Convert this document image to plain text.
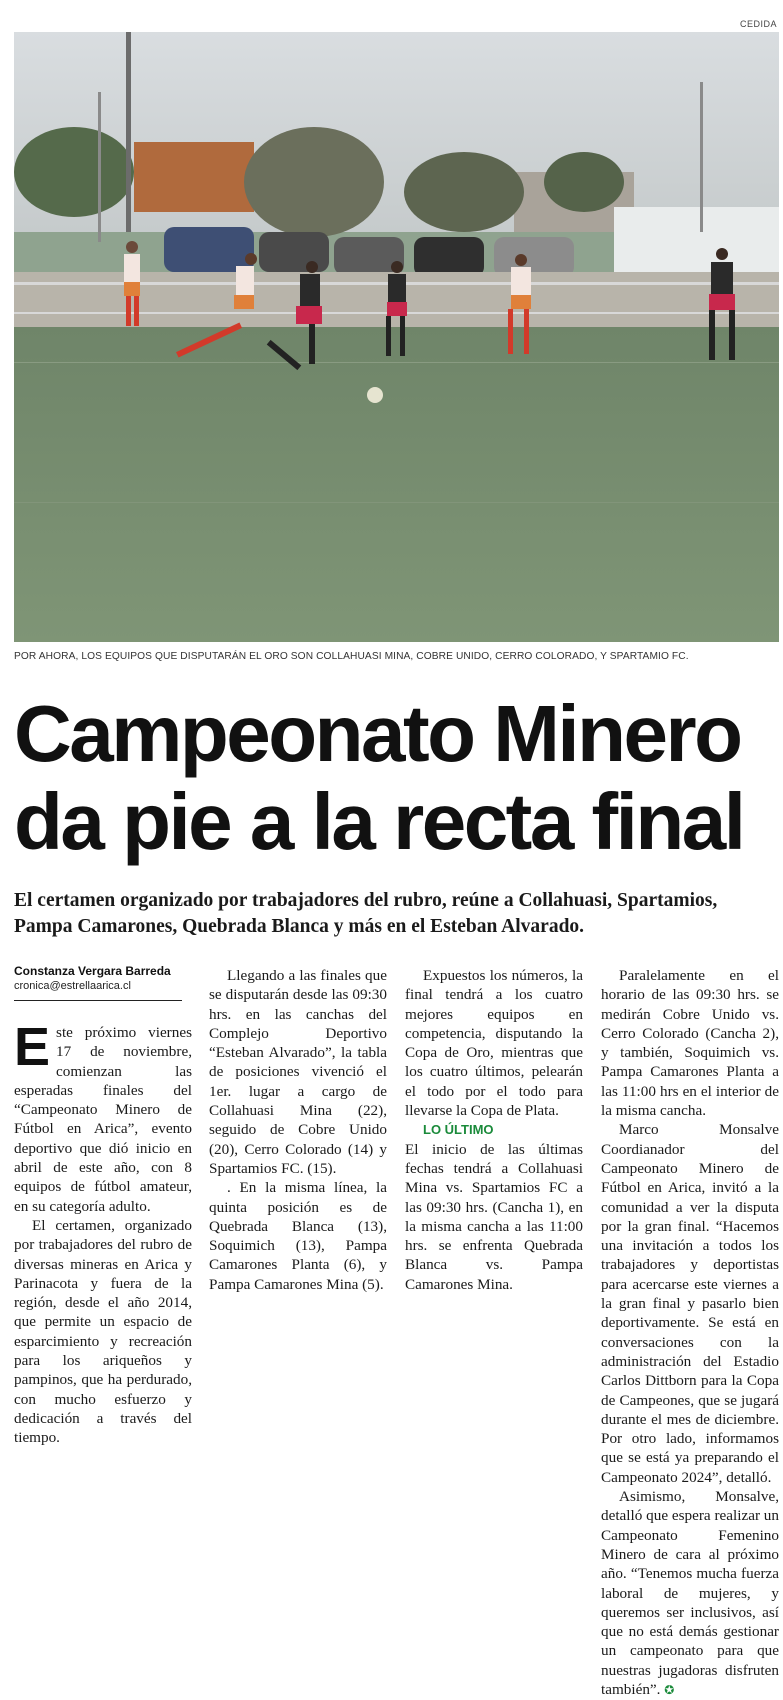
CEDIDA
POR AHORA, LOS EQUIPOS QUE DISPUTARÁN EL ORO SON COLLAHUASI MINA, COBRE UNIDO, CERRO COLORADO, Y SPARTAMIO FC.
Campeonato Minero
da pie a la recta final

El certamen organizado por trabajadores del rubro, reúne a Collahuasi, Spartamios, Pampa Camarones, Quebrada Blanca y más en el Esteban Alvarado.

Constanza Vergara Barreda
cronica@estrellaarica.cl

Este próximo viernes 17 de noviembre, comienzan las esperadas finales del “Campeonato Minero de Fútbol en Arica”, evento deportivo que dió inicio en abril de este año, con 8 equipos de fútbol amateur, en su categoría adulto.

El certamen, organizado por trabajadores del rubro de diversas mineras en Arica y Parinacota y fuera de la región, desde el año 2014, que permite un espacio de esparcimiento y recreación para los ariqueños y pampinos, que ha perdurado, con mucho esfuerzo y dedicación a través del tiempo.

Llegando a las finales que se disputarán desde las 09:30 hrs. en las canchas del Complejo Deportivo “Esteban Alvarado”, la tabla de posiciones vivenció el 1er. lugar a cargo de Collahuasi Mina (22), seguido de Cobre Unido (20), Cerro Colorado (14) y Spartamios FC. (15).

. En la misma línea, la quinta posición es de Quebrada Blanca (13), Soquimich (13), Pampa Camarones Planta (6), y Pampa Camarones Mina (5).

Expuestos los números, la final tendrá a los cuatro mejores equipos en competencia, disputando la Copa de Oro, mientras que los cuatro últimos, pelearán el todo por el todo para llevarse la Copa de Plata.

LO ÚLTIMO

El inicio de las últimas fechas tendrá a Collahuasi Mina vs. Spartamios FC a las 09:30 hrs. (Cancha 1), en la misma cancha a las 11:00 hrs. se enfrenta Quebrada Blanca vs. Pampa Camarones Mina.

Paralelamente en el horario de las 09:30 hrs. se medirán Cobre Unido vs. Cerro Colorado (Cancha 2), y también, Soquimich vs. Pampa Camarones Planta a las 11:00 hrs en el interior de la misma cancha.

Marco Monsalve Coordianador del Campeonato Minero de Fútbol en Arica, invitó a la comunidad a ver la disputa por la gran final. “Hacemos una invitación a todos los trabajadores y deportistas para acercarse este viernes a la gran final y pasarlo bien deportivamente. Se está en conversaciones con la administración del Estadio Carlos Dittborn para la Copa de Campeones, que se jugará durante el mes de diciembre. Por otro lado, informamos que se está ya preparando el Campeonato 2024”, detalló.

Asimismo, Monsalve, detalló que espera realizar un Campeonato Femenino Minero de cara al próximo año. “Tenemos mucha fuerza laboral de mujeres, y queremos ser inclusivos, así que no está demás gestionar un campeonato para que nuestras jugadoras disfruten también”. ✪
